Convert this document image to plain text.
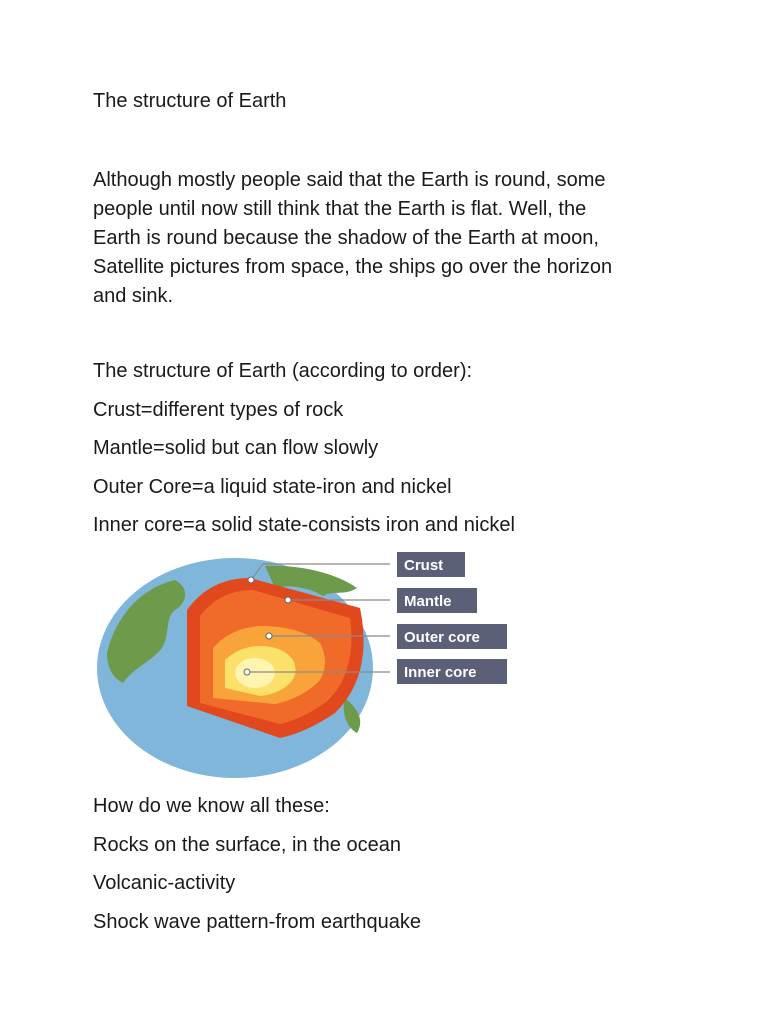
The structure of Earth
Although mostly people said that the Earth is round, some
people until now still think that the Earth is flat. Well, the
Earth is round because the shadow of the Earth at moon,
Satellite pictures from space, the ships go over the horizon
and sink.

The structure of Earth (according to order):

Crust=different types of rock

Mantle=solid but can flow slowly

Outer Core=a liquid state-iron and nickel

Inner core=a solid state-consists iron and nickel

Crust
Mantle
Outer core
Inner core

How do we know all these:

Rocks on the surface, in the ocean

Volcanic-activity

Shock wave pattern-from earthquake
